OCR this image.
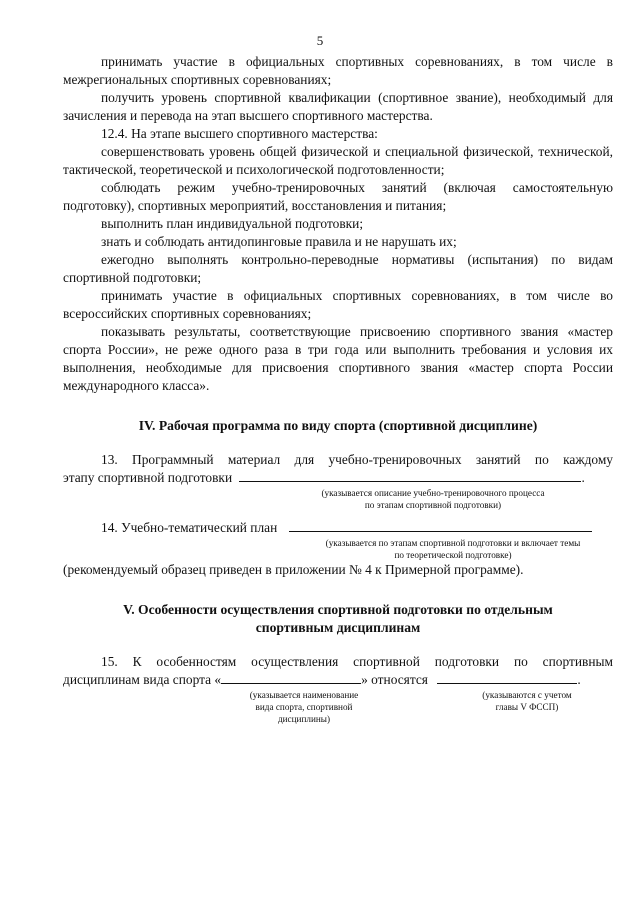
5

принимать участие в официальных спортивных соревнованиях, в том числе в межрегиональных спортивных соревнованиях;

получить уровень спортивной квалификации (спортивное звание), необходимый для зачисления и перевода на этап высшего спортивного мастерства.

12.4. На этапе высшего спортивного мастерства:

совершенствовать уровень общей физической и специальной физической, технической, тактической, теоретической и психологической подготовленности;

соблюдать режим учебно-тренировочных занятий (включая самостоятельную подготовку), спортивных мероприятий, восстановления и питания;

выполнить план индивидуальной подготовки;

знать и соблюдать антидопинговые правила и не нарушать их;

ежегодно выполнять контрольно-переводные нормативы (испытания) по видам спортивной подготовки;

принимать участие в официальных спортивных соревнованиях, в том числе во всероссийских спортивных соревнованиях;

показывать результаты, соответствующие присвоению спортивного звания «мастер спорта России», не реже одного раза в три года или выполнить требования и условия их выполнения, необходимые для присвоения спортивного звания «мастер спорта России международного класса».

IV. Рабочая программа по виду спорта (спортивной дисциплине)

13. Программный материал для учебно-тренировочных занятий по каждому

этапу спортивной подготовки	.
(указывается описание учебно-тренировочного процесса
по этапам спортивной подготовки)
14. Учебно-тематический план
(указывается по этапам спортивной подготовки и включает темы
по теоретической подготовке)

(рекомендуемый образец приведен в приложении № 4 к Примерной программе).

V. Особенности осуществления спортивной подготовки по отдельным

спортивным дисциплинам

15. К особенностям осуществления спортивной подготовки по спортивным

дисциплинам вида спорта «	» относятся	.
(указывается наименование
вида спорта, спортивной
дисциплины)
(указываются с учетом
главы V ФССП)
